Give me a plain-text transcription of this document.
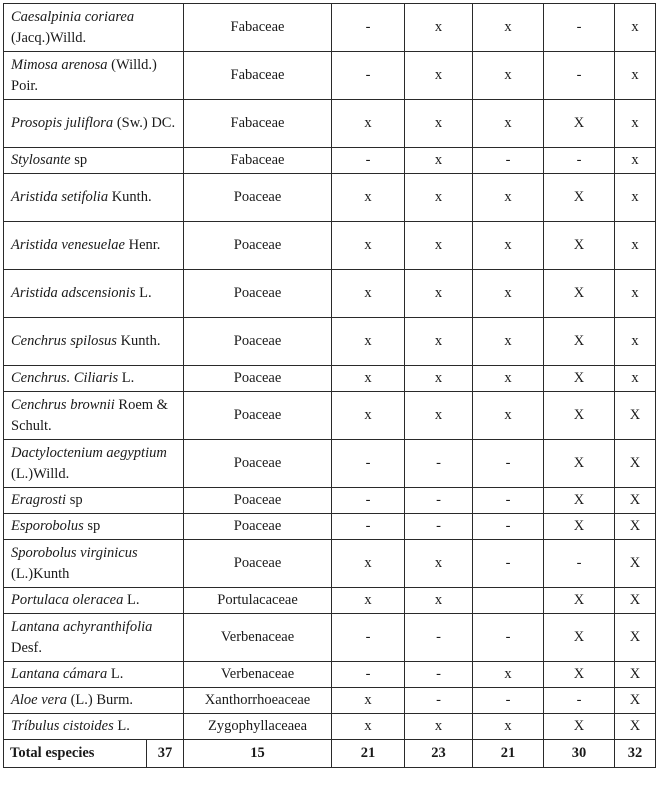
Caesalpinia coriarea (Jacq.)Willd.		Fabaceae	-	x	x	-	x
Mimosa arenosa (Willd.) Poir.		Fabaceae	-	x	x	-	x
Prosopis juliflora (Sw.) DC.		Fabaceae	x	x	x	X	x
Stylosante sp		Fabaceae	-	x	-	-	x
Aristida setifolia Kunth.		Poaceae	x	x	x	X	x
Aristida venesuelae Henr.		Poaceae	x	x	x	X	x
Aristida adscensionis L.		Poaceae	x	x	x	X	x
Cenchrus spilosus Kunth.		Poaceae	x	x	x	X	x
Cenchrus. Ciliaris L.		Poaceae	x	x	x	X	x
Cenchrus brownii Roem & Schult.		Poaceae	x	x	x	X	X
Dactyloctenium aegyptium (L.)Willd.		Poaceae	-	-	-	X	X
Eragrosti sp		Poaceae	-	-	-	X	X
Esporobolus sp		Poaceae	-	-	-	X	X
Sporobolus virginicus (L.)Kunth		Poaceae	x	x	-	-	X
Portulaca oleracea L.		Portulacaceae	x	x		X	X
Lantana achyranthifolia Desf.		Verbenaceae	-	-	-	X	X
Lantana cámara L.		Verbenaceae	-	-	x	X	X
Aloe vera (L.) Burm.		Xanthorrhoeaceae	x	-	-	-	X
Tríbulus cistoides L.		Zygophyllaceaea	x	x	x	X	X
Total especies	37	15	21	23	21	30	32
